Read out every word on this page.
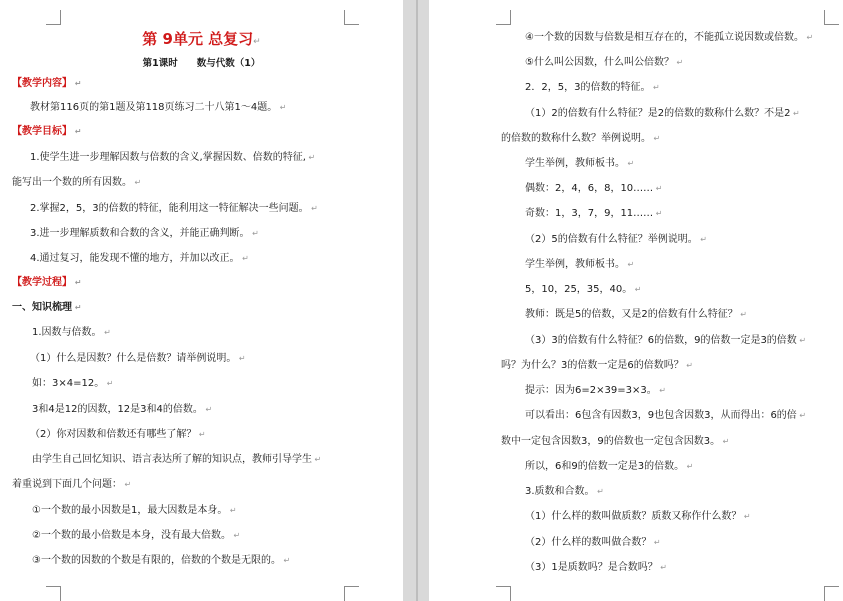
第 9单元 总复习 ↵
第1课时　　数与代数（1）
【教学内容】 ↵
教材第116页的第1题及第118页练习二十八第1～4题。 ↵
【教学目标】 ↵
1.使学生进一步理解因数与倍数的含义,掌握因数、倍数的特征, ↵
能写出一个数的所有因数。 ↵
2.掌握2，5，3的倍数的特征，能利用这一特征解决一些问题。 ↵
3.进一步理解质数和合数的含义，并能正确判断。 ↵
4.通过复习，能发现不懂的地方，并加以改正。 ↵
【教学过程】 ↵
一、知识梳理 ↵
1.因数与倍数。 ↵
（1）什么是因数？什么是倍数？请举例说明。 ↵
如：3×4=12。 ↵
3和4是12的因数，12是3和4的倍数。 ↵
（2）你对因数和倍数还有哪些了解？ ↵
由学生自己回忆知识、语言表达所了解的知识点，教师引导学生 ↵
着重说到下面几个问题： ↵
①一个数的最小因数是1，最大因数是本身。 ↵
②一个数的最小倍数是本身，没有最大倍数。 ↵
③一个数的因数的个数是有限的，倍数的个数是无限的。 ↵
④一个数的因数与倍数是相互存在的，不能孤立说因数或倍数。 ↵
⑤什么叫公因数，什么叫公倍数？ ↵
2．2，5，3的倍数的特征。 ↵
（1）2的倍数有什么特征？是2的倍数的数称什么数？不是2 ↵
的倍数的数称什么数？举例说明。 ↵
学生举例，教师板书。 ↵
偶数：2，4，6，8，10…… ↵
奇数：1，3，7，9，11…… ↵
（2）5的倍数有什么特征？举例说明。 ↵
学生举例，教师板书。 ↵
5，10，25，35，40。 ↵
教师：既是5的倍数，又是2的倍数有什么特征？ ↵
（3）3的倍数有什么特征？6的倍数，9的倍数一定是3的倍数 ↵
吗？为什么？3的倍数一定是6的倍数吗？ ↵
提示：因为6=2×39=3×3。 ↵
可以看出：6包含有因数3，9也包含因数3，从而得出：6的倍 ↵
数中一定包含因数3，9的倍数也一定包含因数3。 ↵
所以，6和9的倍数一定是3的倍数。 ↵
3.质数和合数。 ↵
（1）什么样的数叫做质数？质数又称作什么数？ ↵
（2）什么样的数叫做合数？ ↵
（3）1是质数吗？是合数吗？ ↵
